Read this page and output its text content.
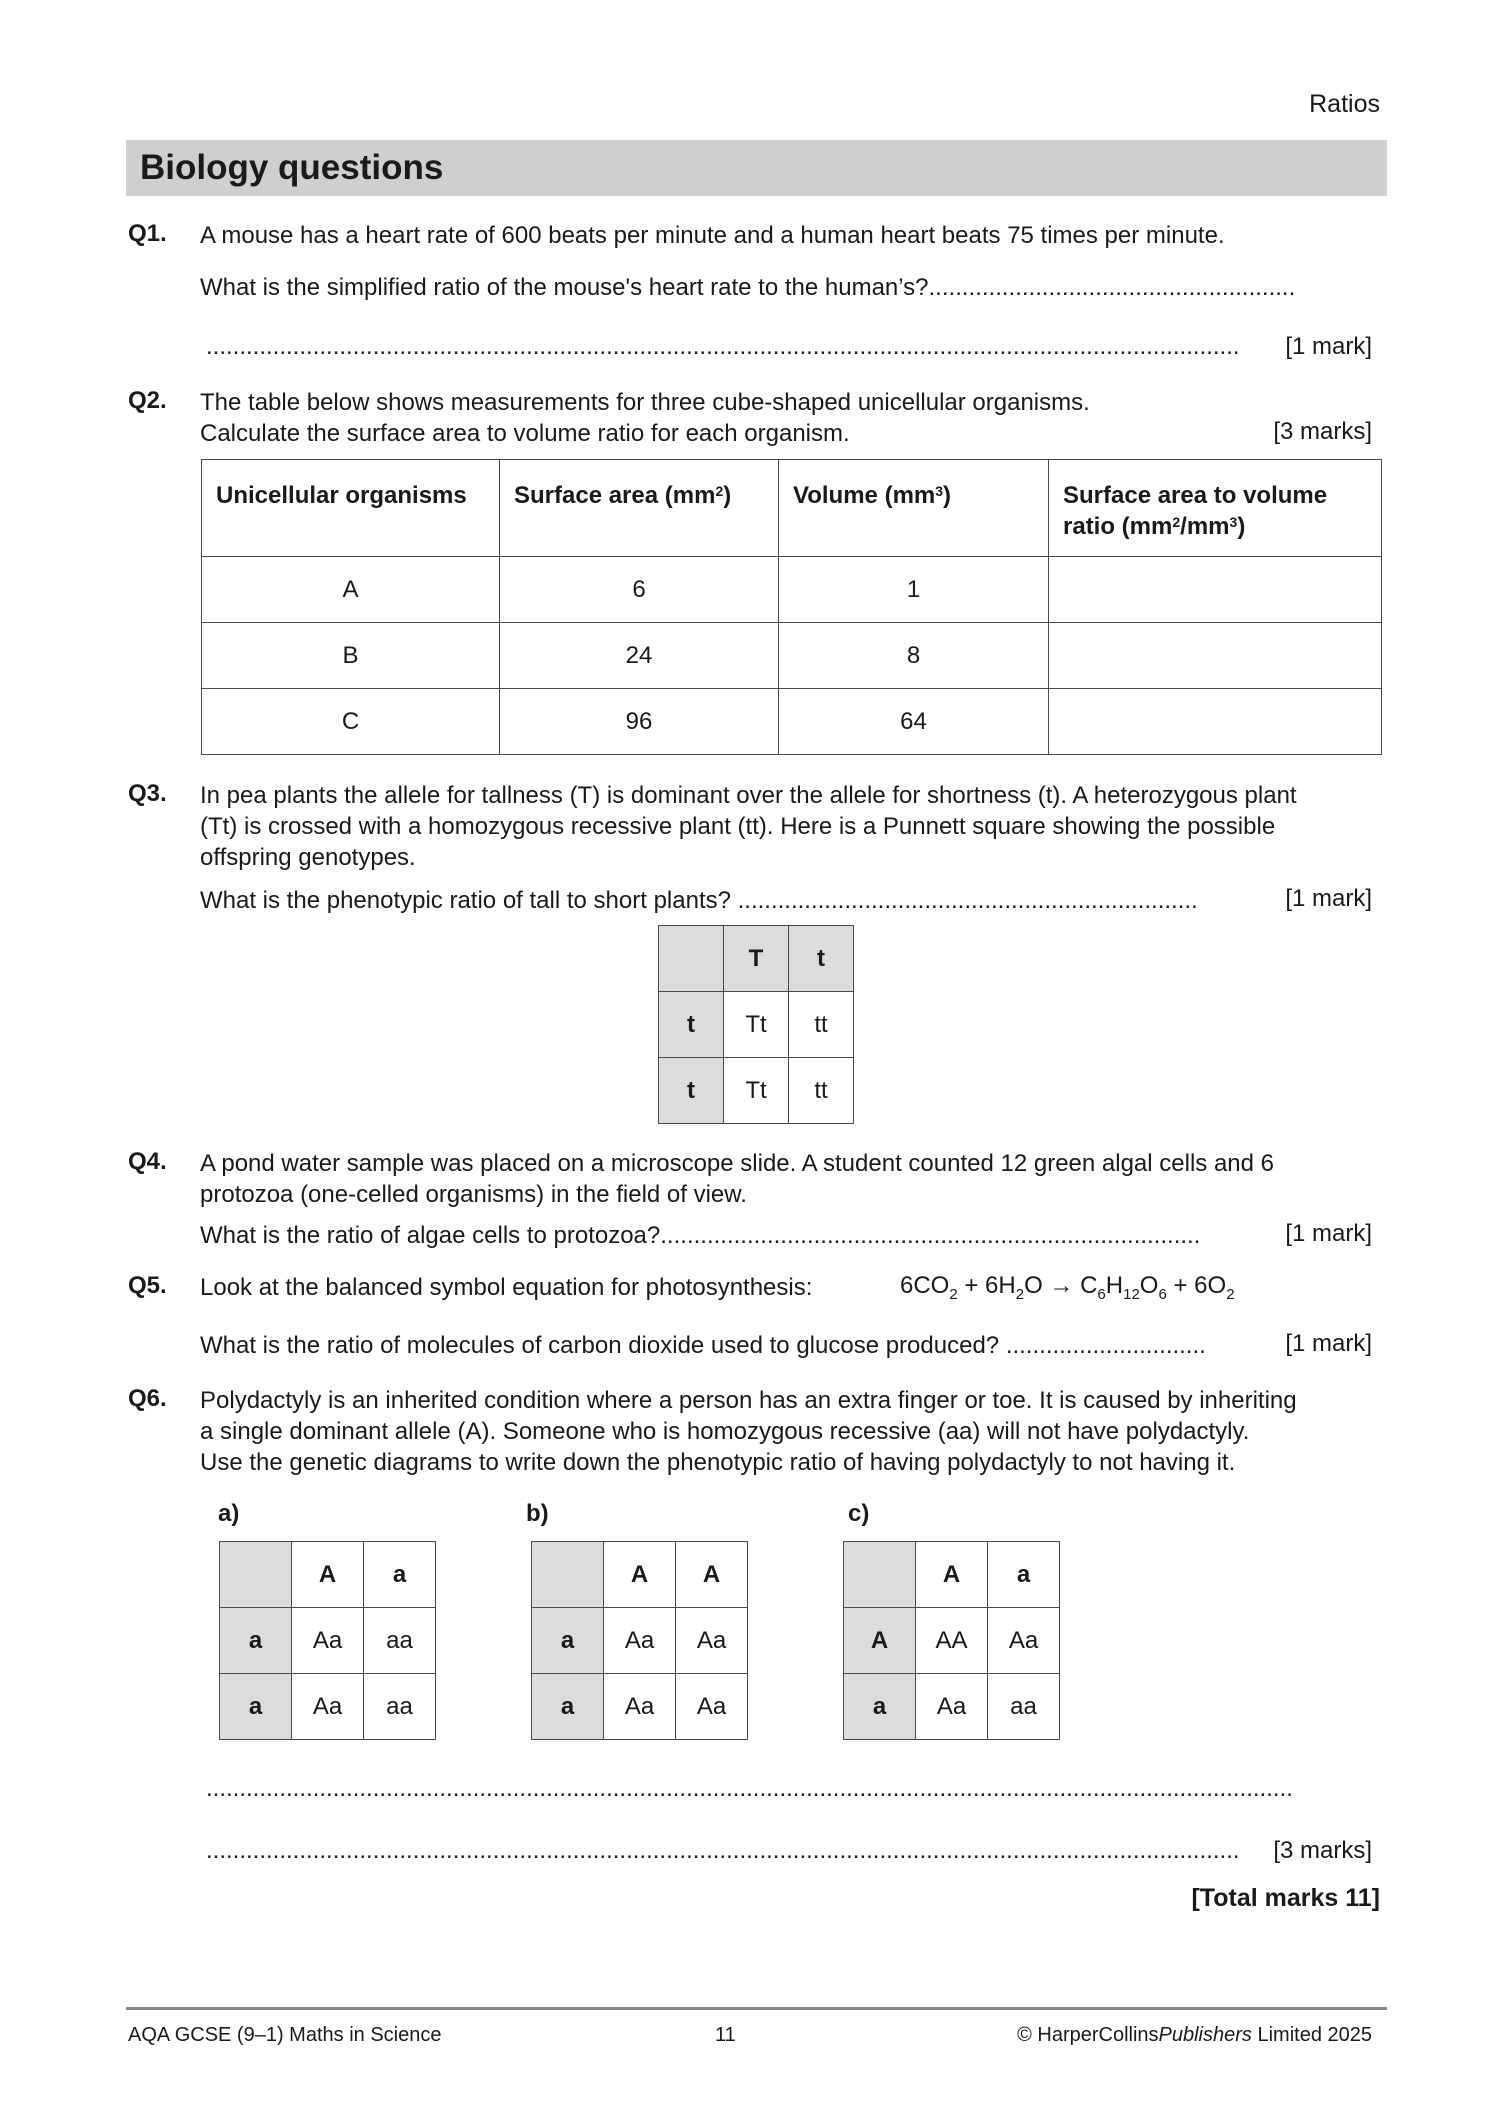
Ratios
Biology questions
Q1. A mouse has a heart rate of 600 beats per minute and a human heart beats 75 times per minute.
What is the simplified ratio of the mouse's heart rate to the human’s?.......................................................
...........................................................................................................................................................	[1 mark]
Q2. The table below shows measurements for three cube-shaped unicellular organisms.
Calculate the surface area to volume ratio for each organism.	[3 marks]
Unicellular organisms	Surface area $(mm^2)$	Volume $(mm^3)$	Surface area to volume
ratio $(mm^2/mm^3)$
A	6	1	
B	24	8	
C	96	64	
Q3. In pea plants the allele for tallness (T) is dominant over the allele for shortness (t). A heterozygous plant
(Tt) is crossed with a homozygous recessive plant (tt). Here is a Punnett square showing the possible
offspring genotypes.
What is the phenotypic ratio of tall to short plants? .....................................................................	[1 mark]
	T	t
t	Tt	tt
t	Tt	tt
Q4. A pond water sample was placed on a microscope slide. A student counted 12 green algal cells and 6
protozoa (one-celled organisms) in the field of view.
What is the ratio of algae cells to protozoa?.................................................................................	[1 mark]
Q5. Look at the balanced symbol equation for photosynthesis:	$6CO_2 + 6H_2O \to C_6H_{12}O_6 + 6O_2$
What is the ratio of molecules of carbon dioxide used to glucose produced? ..............................	[1 mark]
Q6. Polydactyly is an inherited condition where a person has an extra finger or toe. It is caused by inheriting
a single dominant allele (A). Someone who is homozygous recessive (aa) will not have polydactyly.
Use the genetic diagrams to write down the phenotypic ratio of having polydactyly to not having it.
a)	b)	c)
	A	a
a	Aa	aa
a	Aa	aa
	A	A
a	Aa	Aa
a	Aa	Aa
	A	a
A	AA	Aa
a	Aa	aa
...................................................................................................................................................................
...........................................................................................................................................................	[3 marks]
[Total marks 11]
AQA GCSE (9–1) Maths in Science	11	© HarperCollinsPublishers Limited 2025
